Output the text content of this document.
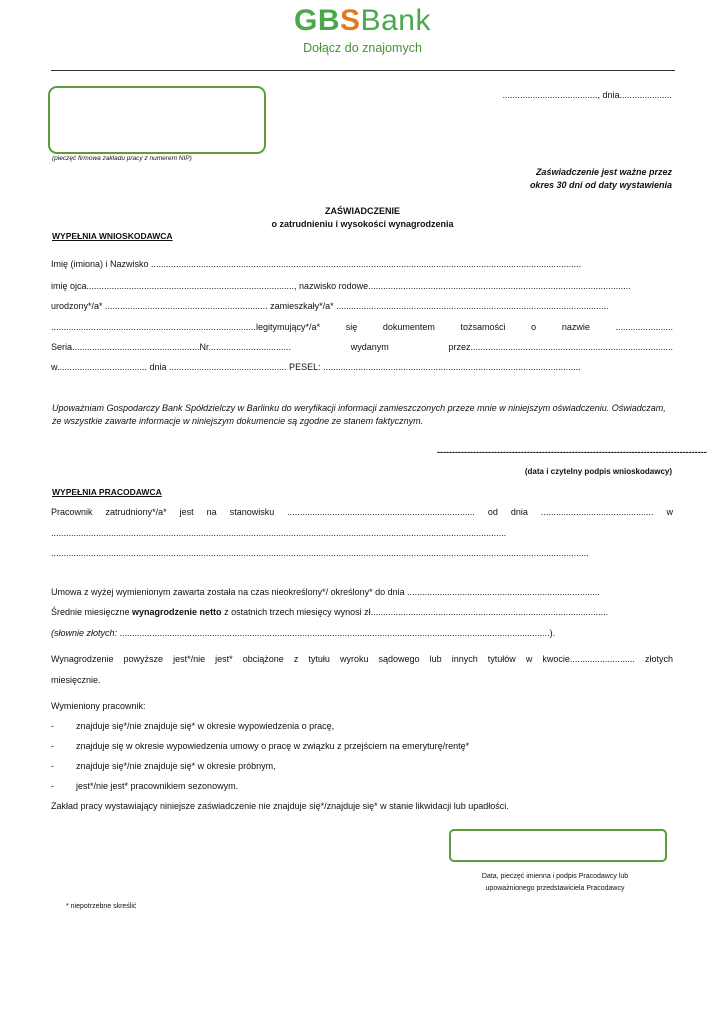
GBSBank
Dołącz do znajomych
(pieczęć firmowa zakładu pracy z numerem NIP)
......................................, dnia.....................
Zaświadczenie jest ważne przez
okres 30 dni od daty wystawienia
ZAŚWIADCZENIE
o zatrudnieniu i wysokości wynagrodzenia
WYPEŁNIA WNIOSKODAWCA
Imię (imiona) i Nazwisko ............................................................................................................................................................................
imię ojca..................................................................................., nazwisko rodowe.........................................................................................................
urodzony*/a* ................................................................. zamieszkały*/a* .............................................................................................................
..................................................................................legitymujący*/a* się dokumentem tożsamości o nazwie .......................
Seria...................................................Nr................................. wydanym przez.................................................................................
w.................................... dnia ............................................... PESEL: .......................................................................................................
Upoważniam Gospodarczy Bank Spółdzielczy w Barlinku do weryfikacji informacji zamieszczonych przeze mnie w niniejszym oświadczeniu. Oświadczam, że wszystkie zawarte informacje w niniejszym dokumencie są zgodne ze stanem faktycznym.
------------------------------------------------------------------------------------------
(data i czytelny podpis wnioskodawcy)
WYPEŁNIA PRACODAWCA
Pracownik zatrudniony*/a* jest na stanowisku ........................................................................... od dnia ............................................. w
......................................................................................................................................................................................
.......................................................................................................................................................................................................................
Umowa z wyżej wymienionym zawarta została na czas nieokreślony*/ określony* do dnia .............................................................................
Średnie miesięczne wynagrodzenie netto z ostatnich trzech miesięcy wynosi zł...............................................................................................
(słownie złotych: ............................................................................................................................................................................).
Wynagrodzenie powyższe jest*/nie jest* obciążone z tytułu wyroku sądowego lub innych tytułów w kwocie.......................... złotych
miesięcznie.
Wymieniony pracownik:
- znajduje się*/nie znajduje się* w okresie wypowiedzenia o pracę,
- znajduje się w okresie wypowiedzenia umowy o pracę w związku z przejściem na emeryturę/rentę*
- znajduje się*/nie znajduje się* w okresie próbnym,
- jest*/nie jest* pracownikiem sezonowym.
Zakład pracy wystawiający niniejsze zaświadczenie nie znajduje się*/znajduje się* w stanie likwidacji lub upadłości.
Data, pieczęć imienna i podpis Pracodawcy lub
upoważnionego przedstawiciela Pracodawcy
* niepotrzebne skreślić
